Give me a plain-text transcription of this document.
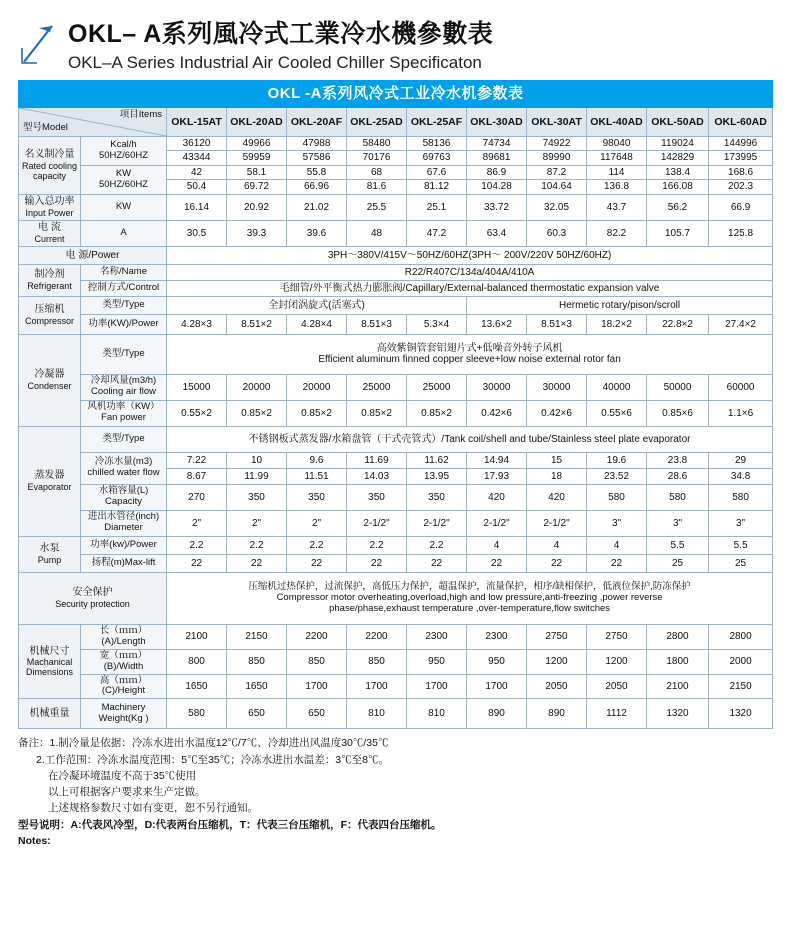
OKL– A系列風冷式工業冷水機參數表
OKL–A Series Industrial Air Cooled Chiller Specificaton
OKL -A系列风冷式工业冷水机参数表											

型号Model
项目Items		OKL-15AT	OKL-20AD	OKL-20AF	OKL-25AD	OKL-25AF	OKL-30AD	OKL-30AT	OKL-40AD	OKL-50AD	OKL-60AD

名义制冷量
Rated cooling capacity

Kcal/h
50HZ/60HZ
	36120	49966	47988	58480	58136	74734	74922	98040	119024	144996
		43344	59959	57586	70176	69763	89681	89990	117648	142829	173995

	KW
50HZ/60HZ	42	58.1	55.8	68	67.6	86.9	87.2	114	138.4	168.6
		50.4	69.72	66.96	81.6	81.12	104.28	104.64	136.8	166.08	202.3

输入总功率
Input Power	KW	16.14	20.92	21.02	25.5	25.1	33.72	32.05	43.7	56.2	66.9

电 流
Current	A	30.5	39.3	39.6	48	47.2	63.4	60.3	82.2	105.7	125.8
电 源/Power		3PH～380V/415V～50HZ/60HZ(3PH～ 200V/220V 50HZ/60HZ)									

制冷剂
Refrigerant	名称/Name	R22/R407C/134a/404A/410A									
	控制方式/Control	毛细管/外平衡式热力膨胀阀/Capillary/External-balanced thermostatic expansion valve									

压缩机
Compressor	类型/Type	全封闭涡旋式(活塞式)					Hermetic rotary/pison/scroll				
	功率(KW)/Power	4.28×3	8.51×2	4.28×4	8.51×3	5.3×4	13.6×2	8.51×3	18.2×2	22.8×2	27.4×2

冷凝器
Condenser
	类型/Type	高效紫铜管套铝翅片式+低噪音外转子风机
Efficient aluminum finned copper sleeve+low noise external rotor fan

	冷却风量(m3/h)
Cooling air flow	15000	20000	20000	25000	25000	30000	30000	40000	50000	60000

	风机功率（KW）
Fan power	0.55×2	0.85×2	0.85×2	0.85×2	0.85×2	0.42×6	0.42×6	0.55×6	0.85×6	1.1×6

蒸发器
Evaporator	类型/Type	不锈钢板式蒸发器/水箱盘管（干式壳管式）/Tank coil/shell and tube/Stainless steel plate evaporator									

	冷冻水量(m3)
chilled water flow	7.22	10	9.6	11.69	11.62	14.94	15	19.6	23.8	29
		8.67	11.99	11.51	14.03	13.95	17.93	18	23.52	28.6	34.8

	水箱容量(L)
Capacity	270	350	350	350	350	420	420	580	580	580

	进出水管径(inch)
Diameter	2"	2"	2"	2-1/2"	2-1/2"	2-1/2"	2-1/2"	3"	3"	3"

水泵
Pump	功率(kw)/Power	2.2	2.2	2.2	2.2	2.2	4	4	4	5.5	5.5
	扬程(m)Max-lift	22	22	22	22	22	22	22	22	25	25

安全保护
Security protection

压缩机过热保护，过流保护，高低压力保护，超温保护，流量保护，相序/缺相保护，低液位保护,防冻保护
Compressor motor overheating,overload,high and low pressure,anti-freezing ,power reverse
phase/phase,exhaust temperature ,over-temperature,flow switches

机械尺寸
Machanical Dimensions	长（ｍｍ）(A)/Length	2100	2150	2200	2200	2300	2300	2750	2750	2800	2800
	宽（ｍｍ）(B)/Width	800	850	850	850	950	950	1200	1200	1800	2000
	高（ｍｍ）(C)/Height	1650	1650	1700	1700	1700	1700	2050	2050	2100	2150
机械重量	Machinery
Weight(Kg )	580	650	650	810	810	890	890	1112	1320	1320
备注：1.制冷量是依据：冷冻水进出水温度12℃/7℃、冷却进出风温度30℃/35℃
2.工作范围：冷冻水温度范围：5℃至35℃；冷冻水进出水温差：3℃至8℃。
在冷凝环境温度不高于35℃使用
以上可根据客户要求来生产定做。
上述规格参数尺寸如有变更，恕不另行通知。
型号说明：A:代表风冷型，D:代表两台压缩机，T：代表三台压缩机，F：代表四台压缩机。
Notes:
